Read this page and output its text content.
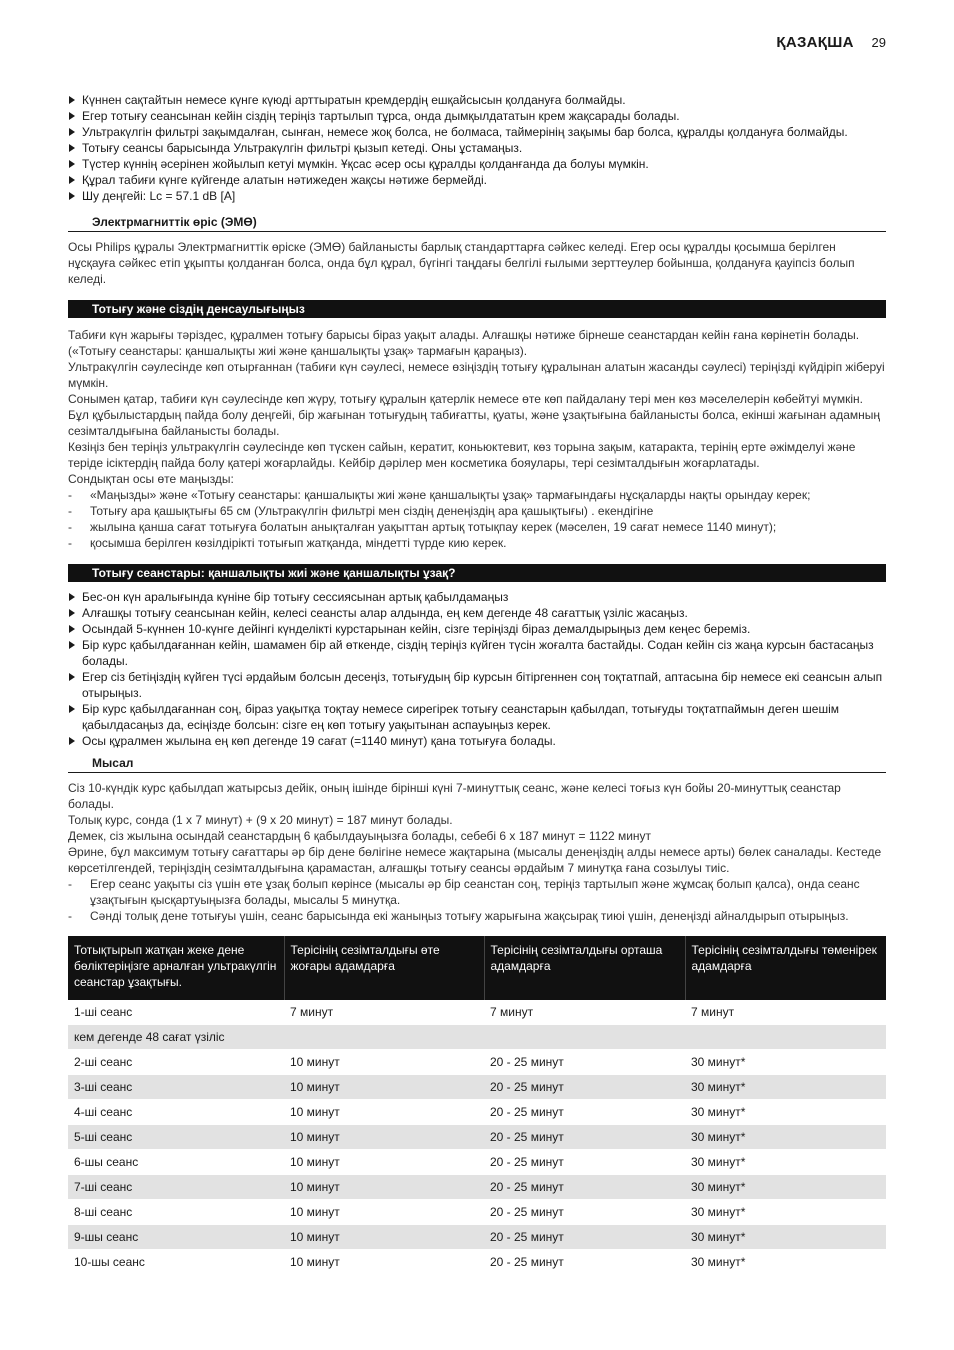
ҚАЗАҚША 29
Күннен сақтайтын немесе күнге күюді арттыратын кремдердің ешқайсысын қолдануға болмайды.
Егер тотығу сеансынан кейін сіздің теріңіз тартылып тұрса, онда дымқылдататын крем жақсарады болады.
Ультракүлгін фильтрі зақымдалған, сынған, немесе жоқ болса, не болмаса, таймерінің зақымы бар болса, құралды қолдануға болмайды.
Тотығу сеансы барысында Ультракүлгін фильтрі қызып кетеді. Оны ұстамаңыз.
Түстер күннің әсерінен жойылып кетуі мүмкін. Ұқсас әсер осы құралды қолданғанда да болуы мүмкін.
Құрал табиғи күнге күйгенде алатын нәтижеден жақсы нәтиже бермейді.
Шу деңгейі: Lc = 57.1 dB [A]
Электрмагниттік өріс (ЭМӨ)

Осы Philips құралы Электрмагниттік өріске (ЭМӨ) байланысты барлық стандарттарға сәйкес келеді. Егер осы құралды қосымша берілген нұсқауға сәйкес етіп ұқыпты қолданған болса, онда бұл құрал, бүгінгі таңдағы белгілі ғылыми зерттеулер бойынша, қолдануға қауіпсіз болып келеді.

Тотығу және сіздің денсаулығыңыз

Табиғи күн жарығы тәріздес, құралмен тотығу барысы біраз уақыт алады. Алғашқы нәтиже бірнеше сеанстардан кейін ғана көрінетін болады. («Тотығу сеанстары: қаншалықты жиі және қаншалықты ұзақ» тармағын қараңыз).

Ультракүлгін сәулесінде көп отырғаннан (табиғи күн сәулесі, немесе өзіңіздің тотығу құралынан алатын жасанды сәулесі) теріңізді күйдіріп жіберуі мүмкін.

Сонымен қатар, табиғи күн сәулесінде көп жүру, тотығу құралын қатерлік немесе өте көп пайдалану тері мен көз мәселелерін көбейтуі мүмкін. Бұл құбылыстардың пайда болу деңгейі, бір жағынан тотығудың табиғатты, қуаты, және ұзақтығына байланысты болса, екінші жағынан адамның сезімталдығына байланысты болады.

Көзіңіз бен теріңіз ультракүлгін сәулесінде көп түскен сайын, кератит, коньюктевит, көз торына зақым, катаракта, терінің ерте әжімделуі және теріде ісіктердің пайда болу қатері жоғарлайды. Кейбір дәрілер мен косметика бояулары, тері сезімталдығын жоғарлатады.

Сондықтан осы өте маңызды:

- «Маңызды» және «Тотығу сеанстары: қаншалықты жиі және қаншалықты ұзақ» тармағындағы нұсқаларды нақты орындау керек;
- Тотығу ара қашықтығы 65 см (Ультракүлгін фильтрі мен сіздің денеңіздің ара қашықтығы) . екендігіне
- жылына қанша сағат тотығуға болатын анықталған уақыттан артық тотықпау керек (мәселен, 19 сағат немесе 1140 минут);
- қосымша берілген көзілдірікті тотығып жатқанда, міндетті түрде кию керек.
Тотығу сеанстары: қаншалықты жиі және қаншалықты ұзақ?
Бес-он күн аралығында күніне бір тотығу сессиясынан артық қабылдамаңыз
Алғашқы тотығу сеансынан кейін, келесі сеансты алар алдында, ең кем дегенде 48 сағаттық үзіліс жасаңыз.
Осындай 5-күннен 10-күнге дейінгі күнделікті курстарынан кейін, сізге теріңізді біраз демалдырыңыз дем кеңес береміз.
Бір курс қабылдағаннан кейін, шамамен бір ай өткенде, сіздің теріңіз күйген түсін жоғалта бастайды. Содан кейін сіз жаңа курсын бастасаңыз болады.
Егер сіз бетіңіздің күйген түсі әрдайым болсын десеңіз, тотығудың бір курсын бітіргеннен соң тоқтатпай, аптасына бір немесе екі сеансын алып отырыңыз.
Бір курс қабылдағаннан соң, біраз уақытқа тоқтау немесе сирегірек тотығу сеанстарын қабылдап, тотығуды тоқтатпаймын деген шешім қабылдасаңыз да, есіңізде болсын: сізге ең көп тотығу уақытынан аспауыңыз керек.
Осы құралмен жылына ең көп дегенде 19 сағат (=1140 минут) қана тотығуға болады.
Мысал

Сіз 10-күндік курс қабылдап жатырсыз дейік, оның ішінде бірінші күні 7-минуттық сеанс, және келесі тоғыз күн бойы 20-минуттық сеанстар болады.

Толық курс, сонда (1 x 7 минут) + (9 x 20 минут) = 187 минут болады.

Демек, сіз жылына осындай сеанстардың 6 қабылдауыңызға болады, себебі 6 x 187 минут = 1122 минут

Әрине, бұл максимум тотығу сағаттары әр бір дене бөлігіне немесе жақтарына (мысалы денеңіздің алды немесе арты) бөлек саналады. Кестеде көрсетілгендей, теріңіздің сезімталдығына қарамастан, алғашқы тотығу сеансы әрдайым 7 минутқа ғана созылуы тиіс.

- Егер сеанс уақыты сіз үшін өте ұзақ болып көрінсе (мысалы әр бір сеанстан соң, теріңіз тартылып және жұмсақ болып қалса), онда сеанс ұзақтығын қысқартуыңызға болады, мысалы 5 минутқа.
- Сәнді толық дене тотығуы үшін, сеанс барысында екі жаныңыз тотығу жарығына жақсырақ тиюі үшін, денеңізді айналдырып отырыңыз.
Тотықтырып жатқан жеке дене бөліктеріңізге арналған ультракүлгін сеанстар ұзақтығы.	Терісінің сезімталдығы өте жоғары адамдарға	Терісінің сезімталдығы орташа адамдарға	Терісінің сезімталдығы төменірек адамдарға
1-ші сеанс	7 минут	7 минут	7 минут
кем дегенде 48 сағат үзіліс			
2-ші сеанс	10 минут	20 - 25 минут	30 минут*
3-ші сеанс	10 минут	20 - 25 минут	30 минут*
4-ші сеанс	10 минут	20 - 25 минут	30 минут*
5-ші сеанс	10 минут	20 - 25 минут	30 минут*
6-шы сеанс	10 минут	20 - 25 минут	30 минут*
7-ші сеанс	10 минут	20 - 25 минут	30 минут*
8-ші сеанс	10 минут	20 - 25 минут	30 минут*
9-шы сеанс	10 минут	20 - 25 минут	30 минут*
10-шы сеанс	10 минут	20 - 25 минут	30 минут*
